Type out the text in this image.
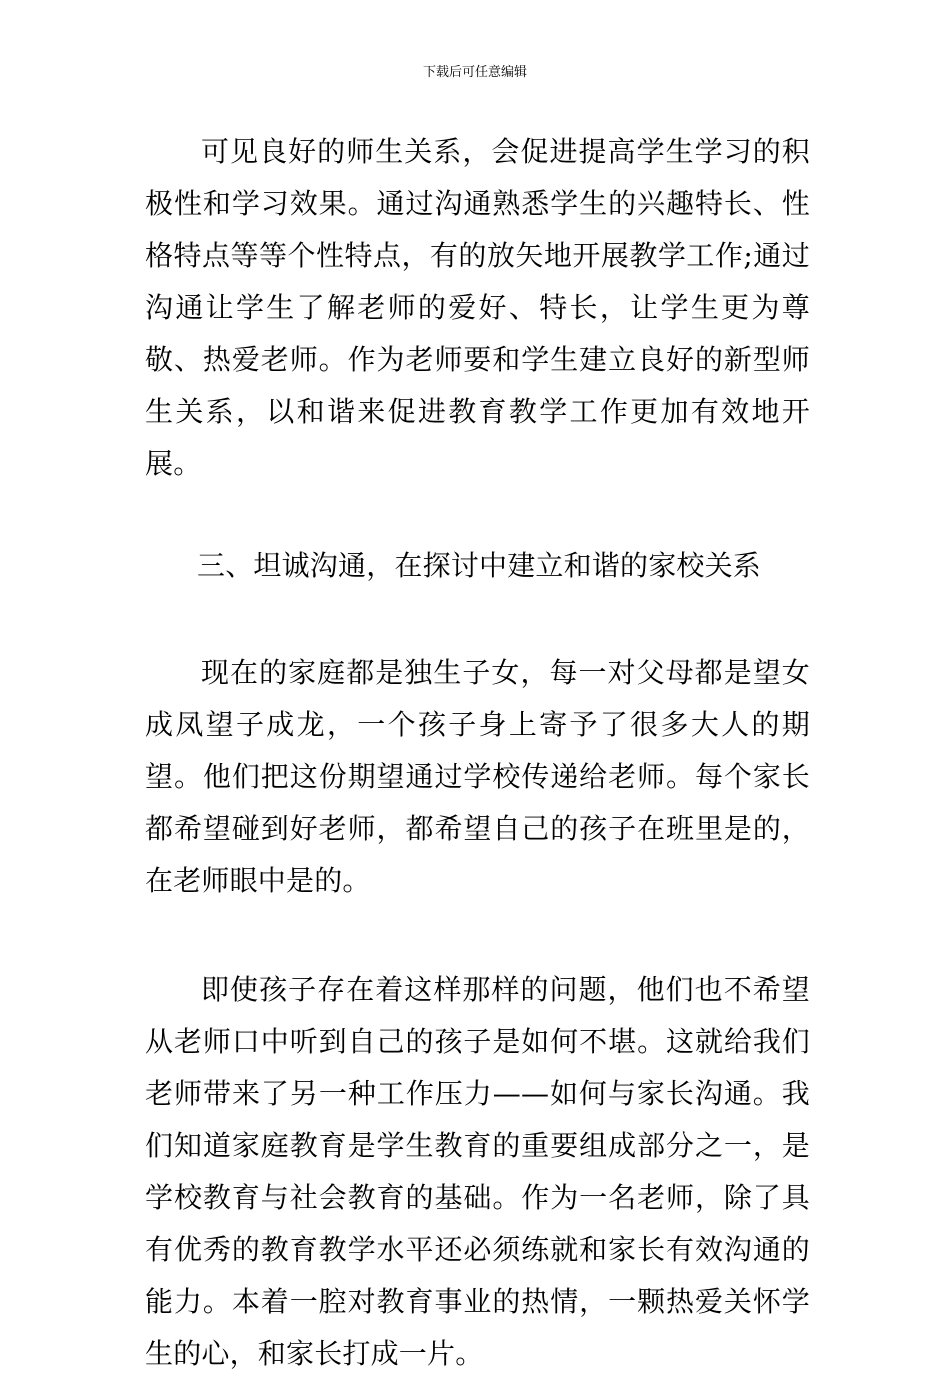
下载后可任意编辑

可见良好的师生关系，会促进提高学生学习的积极性和学习效果。通过沟通熟悉学生的兴趣特长、性格特点等等个性特点，有的放矢地开展教学工作;通过沟通让学生了解老师的爱好、特长，让学生更为尊敬、热爱老师。作为老师要和学生建立良好的新型师生关系，以和谐来促进教育教学工作更加有效地开展。

三、坦诚沟通，在探讨中建立和谐的家校关系

现在的家庭都是独生子女，每一对父母都是望女成凤望子成龙，一个孩子身上寄予了很多大人的期望。他们把这份期望通过学校传递给老师。每个家长都希望碰到好老师，都希望自己的孩子在班里是的，在老师眼中是的。

即使孩子存在着这样那样的问题，他们也不希望从老师口中听到自己的孩子是如何不堪。这就给我们老师带来了另一种工作压力——如何与家长沟通。我们知道家庭教育是学生教育的重要组成部分之一，是学校教育与社会教育的基础。作为一名老师，除了具有优秀的教育教学水平还必须练就和家长有效沟通的能力。本着一腔对教育事业的热情，一颗热爱关怀学生的心，和家长打成一片。
